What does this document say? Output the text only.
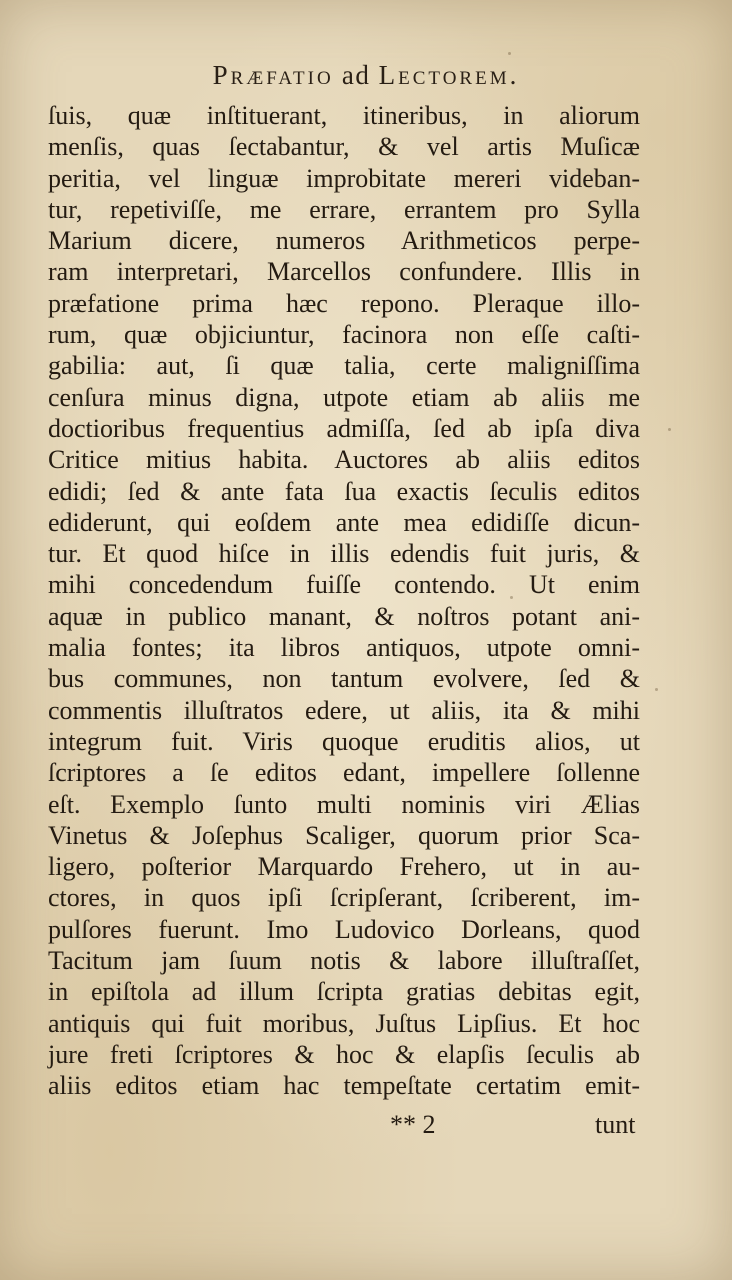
Præfatio ad Lectorem.
ſuis, quæ inſtituerant, itineribus, in aliorum
menſis, quas ſectabantur, & vel artis Muſicæ
peritia, vel linguæ improbitate mereri videban-
tur, repetiviſſe, me errare, errantem pro Sylla
Marium dicere, numeros Arithmeticos perpe-
ram interpretari, Marcellos confundere. Illis in
præfatione prima hæc repono. Pleraque illo-
rum, quæ objiciuntur, facinora non eſſe caſti-
gabilia: aut, ſi quæ talia, certe maligniſſima
cenſura minus digna, utpote etiam ab aliis me
doctioribus frequentius admiſſa, ſed ab ipſa diva
Critice mitius habita. Auctores ab aliis editos
edidi; ſed & ante fata ſua exactis ſeculis editos
ediderunt, qui eoſdem ante mea edidiſſe dicun-
tur. Et quod hiſce in illis edendis fuit juris, &
mihi concedendum fuiſſe contendo. Ut enim
aquæ in publico manant, & noſtros potant ani-
malia fontes; ita libros antiquos, utpote omni-
bus communes, non tantum evolvere, ſed &
commentis illuſtratos edere, ut aliis, ita & mihi
integrum fuit. Viris quoque eruditis alios, ut
ſcriptores a ſe editos edant, impellere ſollenne
eſt. Exemplo ſunto multi nominis viri Ælias
Vinetus & Joſephus Scaliger, quorum prior Sca-
ligero, poſterior Marquardo Frehero, ut in au-
ctores, in quos ipſi ſcripſerant, ſcriberent, im-
pulſores fuerunt. Imo Ludovico Dorleans, quod
Tacitum jam ſuum notis & labore illuſtraſſet,
in epiſtola ad illum ſcripta gratias debitas egit,
antiquis qui fuit moribus, Juſtus Lipſius. Et hoc
jure freti ſcriptores & hoc & elapſis ſeculis ab
aliis editos etiam hac tempeſtate certatim emit-
** 2	tunt
